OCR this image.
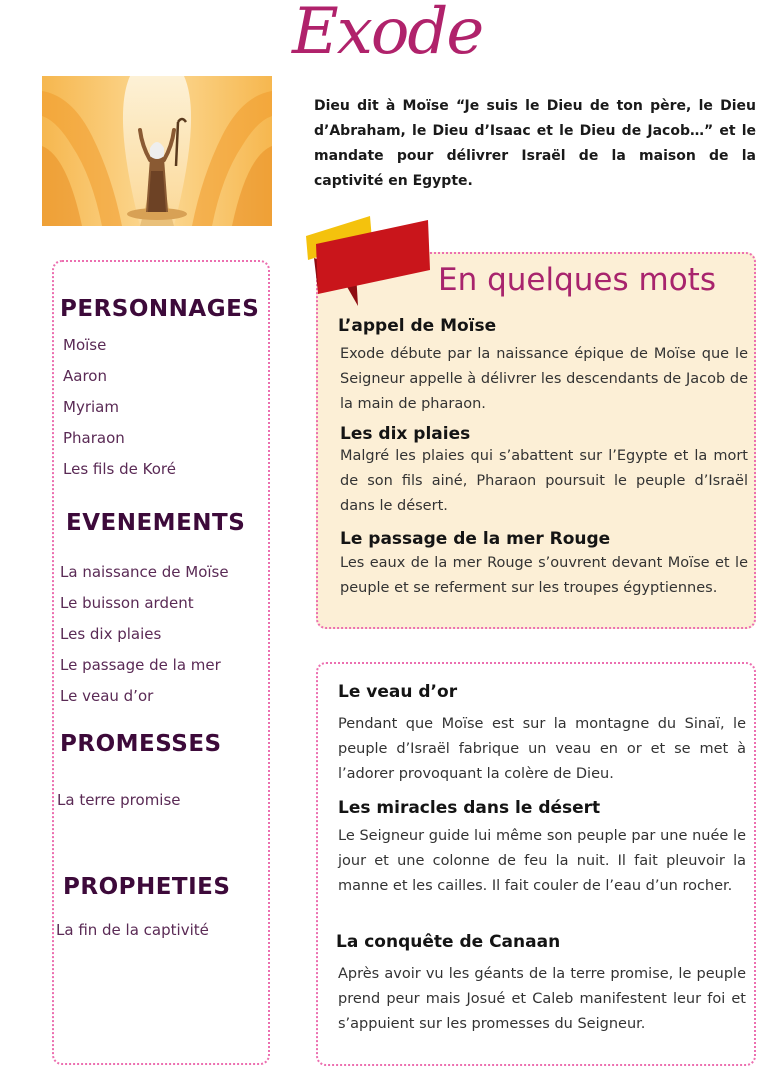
Exode
Dieu dit à Moïse “Je suis le Dieu de ton père, le Dieu d’Abraham, le Dieu d’Isaac et le Dieu de Jacob…” et le mandate pour délivrer Israël de la maison de la captivité en Egypte.
PERSONNAGES
Moïse
Aaron
Myriam
Pharaon
Les fils de Koré
EVENEMENTS
La naissance de Moïse
Le buisson ardent
Les dix plaies
Le passage de la mer
Le veau d’or
PROMESSES
La terre promise
PROPHETIES
La fin de la captivité
L’appel de Moïse
Exode débute par la naissance épique de Moïse que le Seigneur appelle à délivrer les descendants de Jacob de la main de pharaon.
Les dix plaies
Malgré les plaies qui s’abattent sur l’Egypte et la mort de son fils ainé, Pharaon poursuit le peuple d’Israël dans le désert.
Le passage de la mer Rouge
Les eaux de la mer Rouge s’ouvrent devant Moïse et le peuple et se referment sur les troupes égyptiennes.
En quelques mots
Le veau d’or
Pendant que Moïse est sur la montagne du Sinaï, le peuple d’Israël fabrique un veau en or et se met à l’adorer provoquant la colère de Dieu.
Les miracles dans le désert
Le Seigneur guide lui même son peuple par une nuée le jour et une colonne de feu la nuit. Il fait pleuvoir la manne et les cailles. Il fait couler de l’eau d’un rocher.
La conquête de Canaan
Après avoir vu les géants de la terre promise, le peuple prend peur mais Josué et Caleb manifestent leur foi et s’appuient sur les promesses du Seigneur.
